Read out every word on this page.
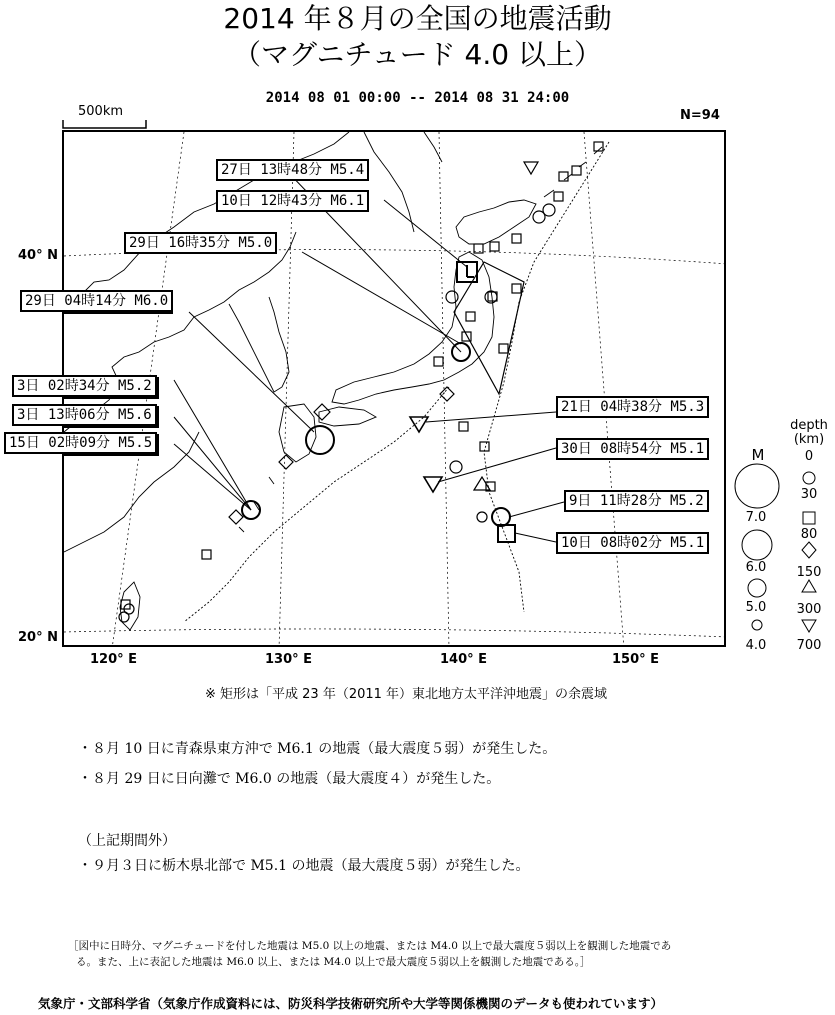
2014 年８月の全国の地震活動
（マグニチュード 4.0 以上）
2014 08 01 00:00 -- 2014 08 31 24:00
N=94
500km
27日 13時48分 M5.4
10日 12時43分 M6.1
29日 16時35分 M5.0
21日 04時38分 M5.3
30日 08時54分 M5.1
9日 11時28分 M5.2
10日 08時02分 M5.1
29日 04時14分 M6.0
3日 02時34分 M5.2
3日 13時06分 M5.6
15日 02時09分 M5.5
40° N
20° N
120° E	130° E	140° E	150° E
M
depth
(km)
7.0
6.0
5.0
4.0
0
30
80
150
300
700
※ 矩形は「平成 23 年（2011 年）東北地方太平洋沖地震」の余震域
・８月 10 日に青森県東方沖で M6.1 の地震（最大震度５弱）が発生した。
・８月 29 日に日向灘で M6.0 の地震（最大震度４）が発生した。
（上記期間外）
・９月３日に栃木県北部で M5.1 の地震（最大震度５弱）が発生した。
［図中に日時分、マグニチュードを付した地震は M5.0 以上の地震、または M4.0 以上で最大震度５弱以上を観測した地震であ
る。また、上に表記した地震は M6.0 以上、または M4.0 以上で最大震度５弱以上を観測した地震である。］
気象庁・文部科学省（気象庁作成資料には、防災科学技術研究所や大学等関係機関のデータも使われています）
